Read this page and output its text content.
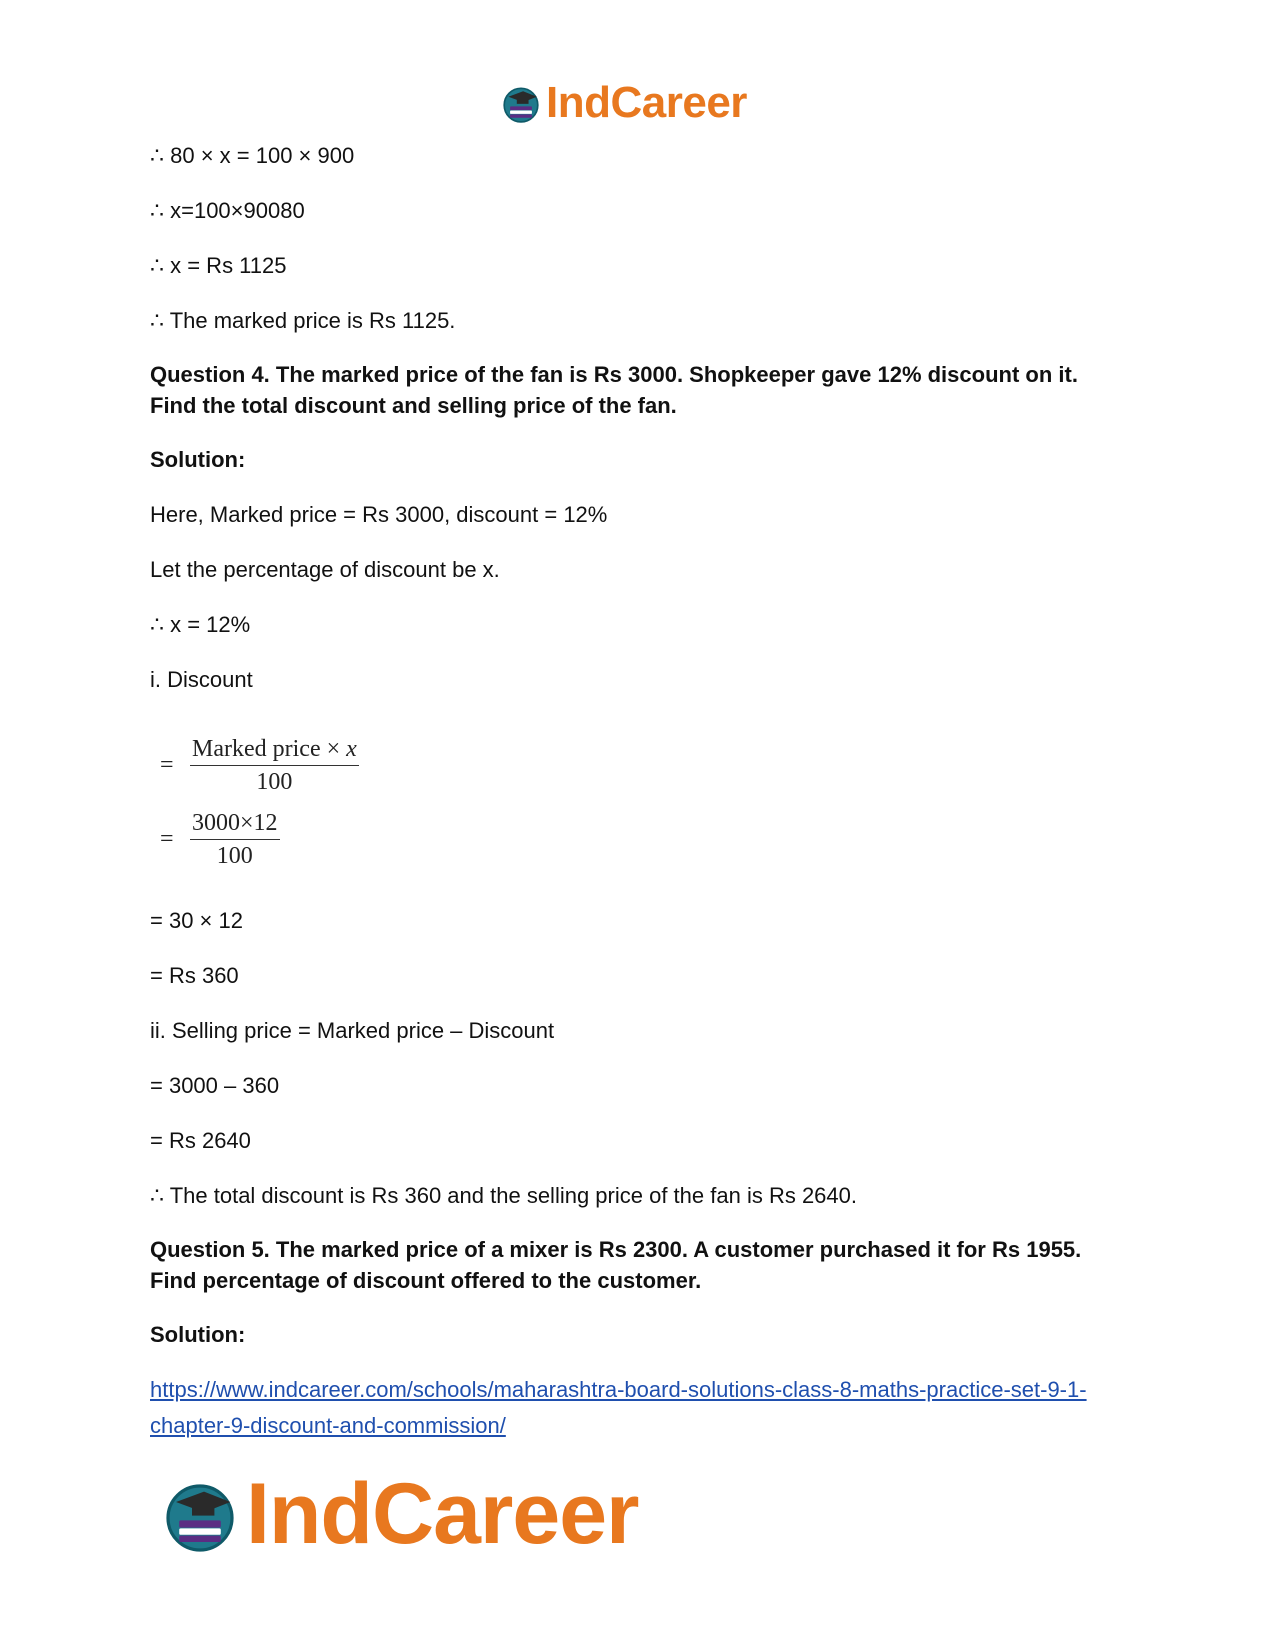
IndCareer
∴ 80 × x = 100 × 900
∴ x=100×90080
∴ x = Rs 1125
∴ The marked price is Rs 1125.
Question 4. The marked price of the fan is Rs 3000. Shopkeeper gave 12% discount on it.
Find the total discount and selling price of the fan.
Solution:
Here, Marked price = Rs 3000, discount = 12%
Let the percentage of discount be x.
∴ x = 12%
i. Discount
= $\frac{\text{Marked price × x}}{100}$
= $\frac{3000\times 12}{100}$
= 30 × 12
= Rs 360
ii. Selling price = Marked price – Discount
= 3000 – 360
= Rs 2640
∴ The total discount is Rs 360 and the selling price of the fan is Rs 2640.
Question 5. The marked price of a mixer is Rs 2300. A customer purchased it for Rs 1955.
Find percentage of discount offered to the customer.
Solution:
https://www.indcareer.com/schools/maharashtra-board-solutions-class-8-maths-practice-set-9-1-
chapter-9-discount-and-commission/
IndCareer
